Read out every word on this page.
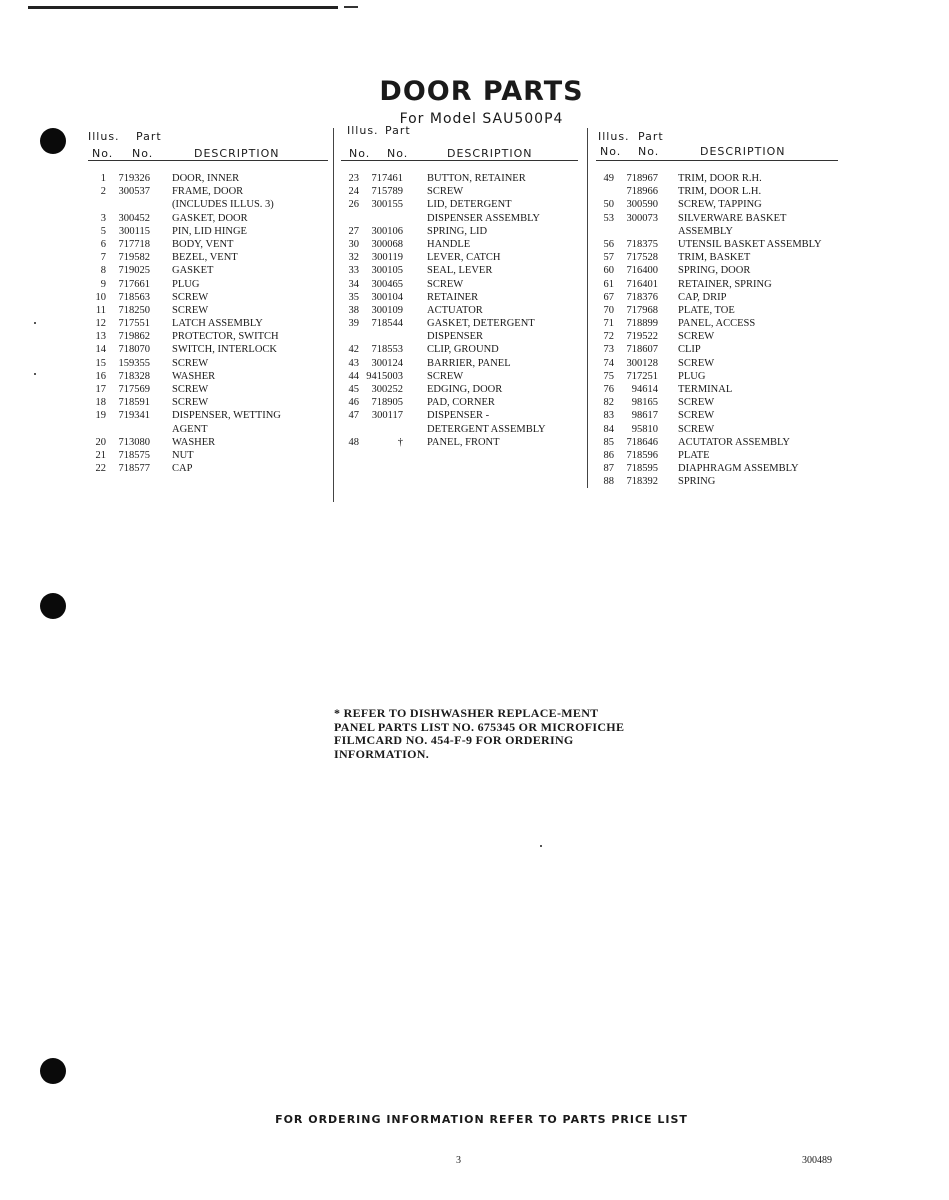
DOOR PARTS
For Model SAU500P4
Illus. Part
No. No.	DESCRIPTION
1	719326 DOOR, INNER
2	300537 FRAME, DOOR
(INCLUDES ILLUS. 3)
3	300452 GASKET, DOOR
5	300115 PIN, LID HINGE
6	717718 BODY, VENT
7	719582 BEZEL, VENT
8	719025 GASKET
9	717661 PLUG
10	718563 SCREW
11	718250 SCREW
12	717551 LATCH ASSEMBLY
13	719862 PROTECTOR, SWITCH
14	718070 SWITCH, INTERLOCK
15	159355 SCREW
16	718328 WASHER
17	717569 SCREW
18	718591 SCREW
19	719341 DISPENSER, WETTING
AGENT
20	713080 WASHER
21	718575 NUT
22	718577 CAP
Illus. Part
No. No.	DESCRIPTION
23	717461 BUTTON, RETAINER
24	715789 SCREW
26	300155 LID, DETERGENT
DISPENSER ASSEMBLY
27	300106 SPRING, LID
30	300068 HANDLE
32	300119 LEVER, CATCH
33	300105 SEAL, LEVER
34	300465 SCREW
35	300104 RETAINER
38	300109 ACTUATOR
39	718544 GASKET, DETERGENT
DISPENSER
42	718553 CLIP, GROUND
43	300124 BARRIER, PANEL
44 9415003 SCREW
45	300252 EDGING, DOOR
46	718905 PAD, CORNER
47	300117 DISPENSER -
DETERGENT ASSEMBLY
48	† PANEL, FRONT
Illus. Part
No. No.	DESCRIPTION
49	718967 TRIM, DOOR R.H.
718966 TRIM, DOOR L.H.
50	300590 SCREW, TAPPING
53	300073 SILVERWARE BASKET
ASSEMBLY
56	718375 UTENSIL BASKET ASSEMBLY
57	717528 TRIM, BASKET
60	716400 SPRING, DOOR
61	716401 RETAINER, SPRING
67	718376 CAP, DRIP
70	717968 PLATE, TOE
71	718899 PANEL, ACCESS
72	719522 SCREW
73	718607 CLIP
74	300128 SCREW
75	717251 PLUG
76	94614 TERMINAL
82	98165 SCREW
83	98617 SCREW
84	95810 SCREW
85	718646 ACUTATOR ASSEMBLY
86	718596 PLATE
87	718595 DIAPHRAGM ASSEMBLY
88	718392 SPRING
* REFER TO DISHWASHER REPLACE-MENT PANEL PARTS LIST NO. 675345 OR MICROFICHE FILMCARD NO. 454-F-9 FOR ORDERING INFORMATION.
FOR ORDERING INFORMATION REFER TO PARTS PRICE LIST
3	300489
